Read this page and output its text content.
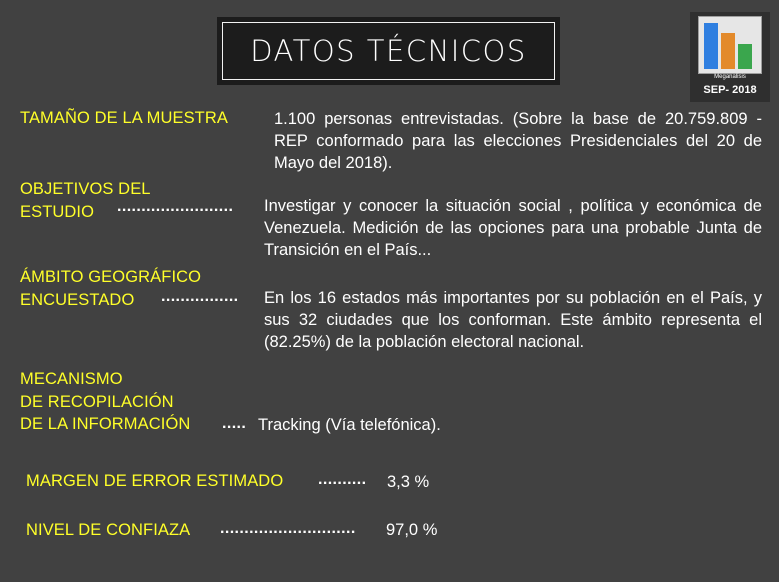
DATOS TÉCNICOS
Meganalisis
SEP- 2018
TAMAÑO DE LA MUESTRA	1.100 personas entrevistadas. (Sobre la base de 20.759.809 - REP conformado para las elecciones Presidenciales del 20 de Mayo del 2018).
OBJETIVOS DEL
ESTUDIO ........................ Investigar y conocer la situación social , política y económica de Venezuela. Medición de las opciones para una probable Junta de Transición en el País...
ÁMBITO GEOGRÁFICO
ENCUESTADO ................ En los 16 estados más importantes por su población en el País, y sus 32 ciudades que los conforman. Este ámbito representa el (82.25%) de la población electoral nacional.
MECANISMO
DE RECOPILACIÓN
DE LA INFORMACIÓN ..... Tracking (Vía telefónica).
MARGEN DE ERROR ESTIMADO .......... 3,3 %
NIVEL DE CONFIAZA ............................ 97,0 %
